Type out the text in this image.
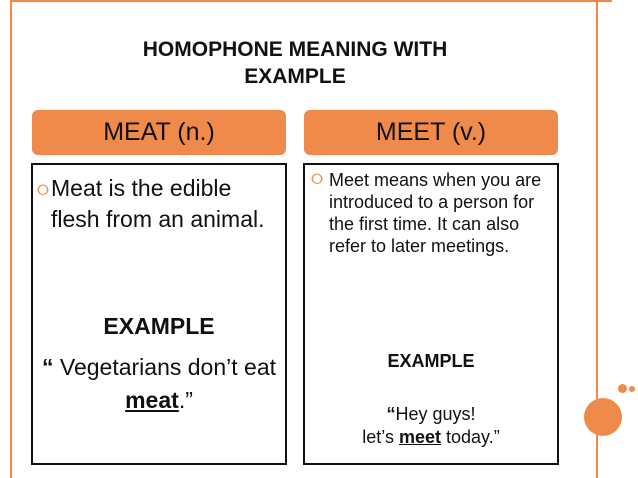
HOMOPHONE MEANING WITH
EXAMPLE
MEAT (n.)	MEET (v.)
⭘ Meat is the edible flesh from an animal.
EXAMPLE
“ Vegetarians don’t eat meat.”
⭘ Meet means when you are introduced to a person for the first time. It can also refer to later meetings.
EXAMPLE
“Hey guys!
let’s meet today.”
